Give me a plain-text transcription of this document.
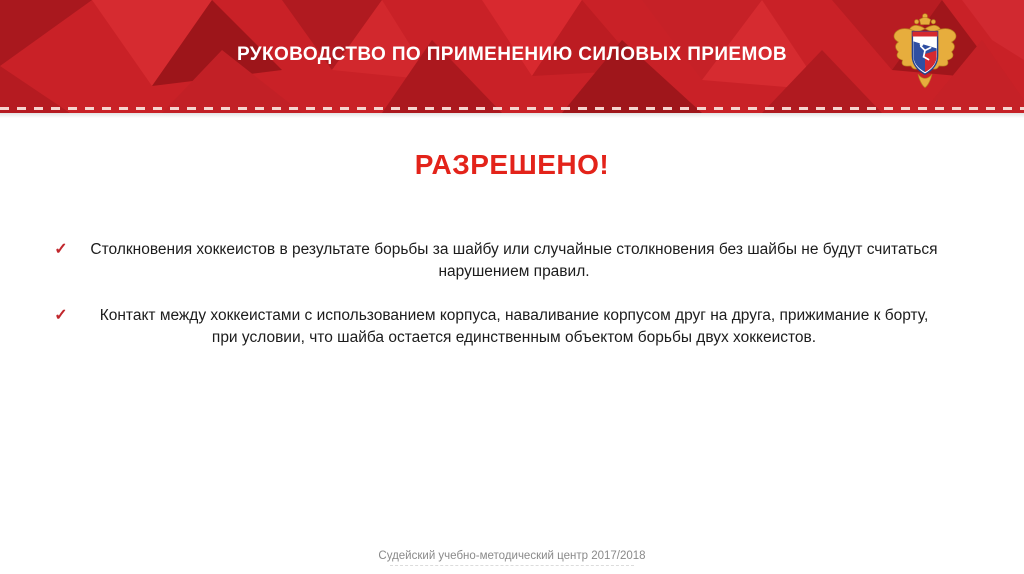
РУКОВОДСТВО ПО ПРИМЕНЕНИЮ СИЛОВЫХ ПРИЕМОВ
РАЗРЕШЕНО!
✓	Столкновения хоккеистов в результате борьбы за шайбу или случайные столкновения без шайбы не будут считаться нарушением правил.

✓	Контакт между хоккеистами с использованием корпуса, наваливание корпусом друг на друга, прижимание к борту, при условии, что шайба остается единственным объектом борьбы двух хоккеистов.

Судейский учебно-методический центр 2017/2018
